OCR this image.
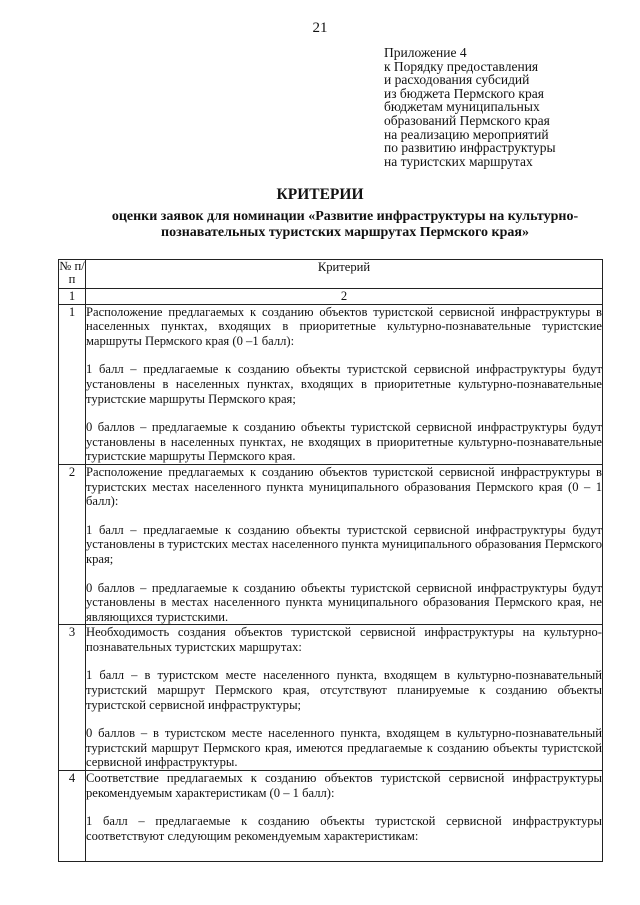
21
Приложение 4
к Порядку предоставления
и расходования субсидий
из бюджета Пермского края
бюджетам муниципальных
образований Пермского края
на реализацию мероприятий
по развитию инфраструктуры
на туристских маршрутах
КРИТЕРИИ
оценки заявок для номинации «Развитие инфраструктуры на культурно-познавательных туристских маршрутах Пермского края»
№ п/п	Критерий
1	2
1	Расположение предлагаемых к созданию объектов туристской сервисной инфраструктуры в населенных пунктах, входящих в приоритетные культурно-познавательные туристские маршруты Пермского края (0 –1 балл):

1 балл – предлагаемые к созданию объекты туристской сервисной инфраструктуры будут установлены в населенных пунктах, входящих в приоритетные культурно-познавательные туристские маршруты Пермского края;

0 баллов – предлагаемые к созданию объекты туристской сервисной инфраструктуры будут установлены в населенных пунктах, не входящих в приоритетные культурно-познавательные туристские маршруты Пермского края.

2	Расположение предлагаемых к созданию объектов туристской сервисной инфраструктуры в туристских местах населенного пункта муниципального образования Пермского края (0 – 1 балл):

1 балл – предлагаемые к созданию объекты туристской сервисной инфраструктуры будут установлены в туристских местах населенного пункта муниципального образования Пермского края;

0 баллов – предлагаемые к созданию объекты туристской сервисной инфраструктуры будут установлены в местах населенного пункта муниципального образования Пермского края, не являющихся туристскими.

3	Необходимость создания объектов туристской сервисной инфраструктуры на культурно-познавательных туристских маршрутах:

1 балл – в туристском месте населенного пункта, входящем в культурно-познавательный туристский маршрут Пермского края, отсутствуют планируемые к созданию объекты туристской сервисной инфраструктуры;

0 баллов – в туристском месте населенного пункта, входящем в культурно-познавательный туристский маршрут Пермского края, имеются предлагаемые к созданию объекты туристской сервисной инфраструктуры.

4	Соответствие предлагаемых к созданию объектов туристской сервисной инфраструктуры рекомендуемым характеристикам (0 – 1 балл):

1 балл – предлагаемые к созданию объекты туристской сервисной инфраструктуры соответствуют следующим рекомендуемым характеристикам:
